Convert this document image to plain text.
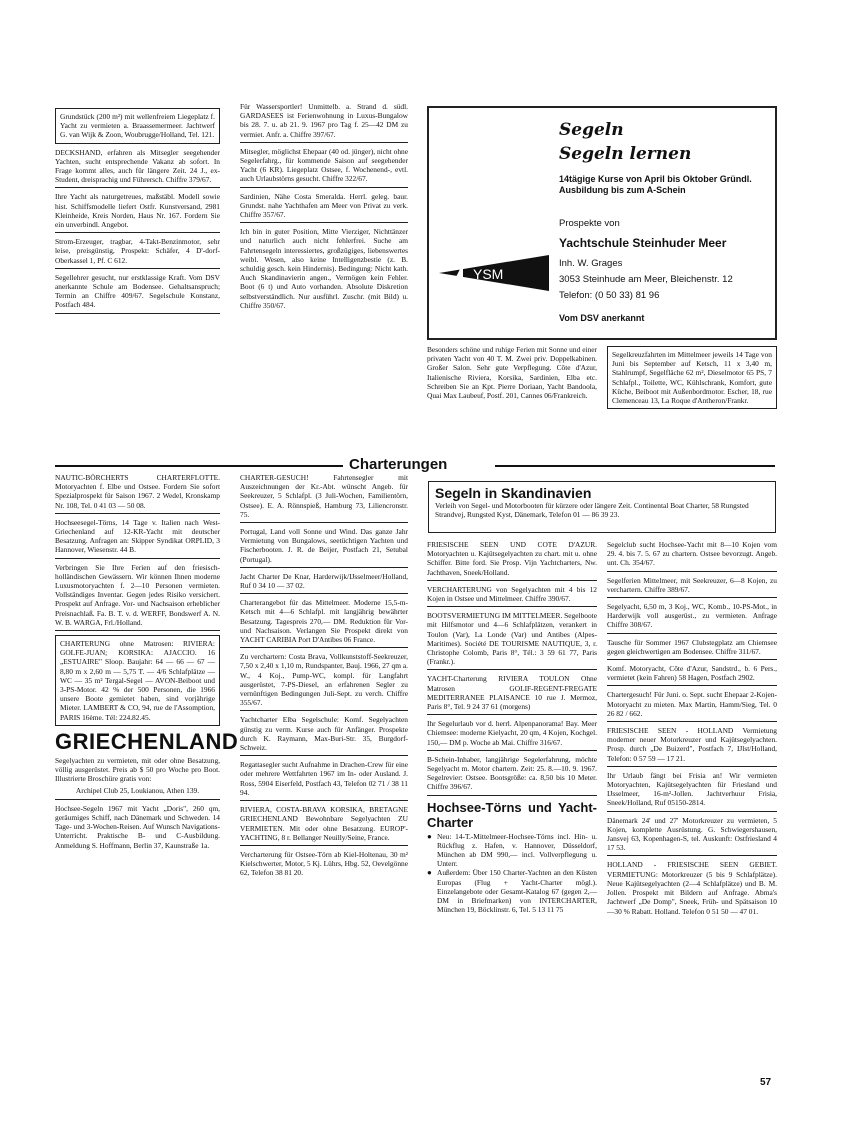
Grundstück (200 m²) mit wellenfreiem Liegeplatz f. Yacht zu vermieten a. Braassemermeer. Jachtwerf G. van Wijk & Zoon, Woubrugge/Holland, Tel. 121.
DECKSHAND, erfahren als Mitsegler seegehender Yachten, sucht entsprechende Vakanz ab sofort. In Frage kommt alles, auch für längere Zeit. 24 J., ex-Student, dreisprachig und Führersch. Chiffre 379/67.
Ihre Yacht als naturgetreues, maßstäbl. Modell sowie hist. Schiffsmodelle liefert Ostfr. Kunstversand, 2981 Kleinheide, Kreis Norden, Haus Nr. 167. Fordern Sie ein unverbindl. Angebot.
Strom-Erzeuger, tragbar, 4-Takt-Benzinmotor, sehr leise, preisgünstig, Prospekt: Schäfer, 4 D'-dorf-Oberkassel 1, Pf. C 612.
Segellehrer gesucht, nur erstklassige Kraft. Vom DSV anerkannte Schule am Bodensee. Gehaltsanspruch; Termin an Chiffre 409/67. Segelschule Konstanz, Postfach 484.
Für Wassersportler! Unmittelb. a. Strand d. südl. GARDASEES ist Ferienwohnung in Luxus-Bungalow bis 28. 7. u. ab 21. 9. 1967 pro Tag f. 25—42 DM zu vermiet. Anfr. a. Chiffre 397/67.
Mitsegler, möglichst Ehepaar (40 od. jünger), nicht ohne Segelerfahrg., für kommende Saison auf seegehender Yacht (6 KR). Liegeplatz Ostsee, f. Wochenend-, evtl. auch Urlaubstörns gesucht. Chiffre 322/67.
Sardinien, Nähe Costa Smeralda. Herrl. geleg. baur. Grundst. nahe Yachthafen am Meer von Privat zu verk. Chiffre 357/67.
Ich bin in guter Position, Mitte Vierziger, Nichttänzer und naturlich auch nicht fehlerfrei. Suche am Fahrtensegeln interessiertes, großzügiges, liebenswertes weibl. Wesen, also keine Intelligenzbestie (z. B. schuldig gesch. kein Hindernis). Bedingung: Nicht kath. Auch Skandinavierin angen., Vermögen kein Fehler. Boot (6 t) und Auto vorhanden. Absolute Diskretion selbstverständlich. Nur ausführl. Zuschr. (mit Bild) u. Chiffre 350/67.
Segeln
Segeln lernen
14tägige Kurse von April bis Oktober Gründl. Ausbildung bis zum A-Schein
Prospekte von
Yachtschule Steinhuder Meer
Inh. W. Grages
3053 Steinhude am Meer, Bleichenstr. 12
Telefon: (0 50 33) 81 96
Vom DSV anerkannt
YSM
Besonders schöne und ruhige Ferien mit Sonne und einer privaten Yacht von 40 T. M. Zwei priv. Doppelkabinen. Großer Salon. Sehr gute Verpflegung. Côte d'Azur, Italienische Riviera, Korsika, Sardinien, Elba etc. Schreiben Sie an Kpt. Pierre Doriaan, Yacht Bandoola, Quai Max Laubeuf, Postf. 201, Cannes 06/Frankreich.
Segelkreuzfahrten im Mittelmeer jeweils 14 Tage von Juni bis September auf Ketsch, 11 x 3,40 m, Stahlrumpf, Segelfläche 62 m², Dieselmotor 65 PS, 7 Schlafpl., Toilette, WC, Kühlschrank, Komfort, gute Küche, Beiboot mit Außenbordmotor. Escher, 18, rue Clemenceau 13, La Roque d'Antheron/Frankr.
Charterungen
Segeln in Skandinavien
Verleih von Segel- und Motorbooten für kürzere oder längere Zeit. Continental Boat Charter, 58 Rungsted Strandvej, Rungsted Kyst, Dänemark, Telefon 01 — 86 39 23.
NAUTIC-BÖRCHERTS CHARTERFLOTTE. Motoryachten f. Elbe und Ostsee. Fordern Sie sofort Spezialprospekt für Saison 1967. 2 Wedel, Kronskamp Nr. 108, Tel. 0 41 03 — 50 08.
Hochseesegel-Törns, 14 Tage v. Italien nach West-Griechenland auf 12-KR-Yacht mit deutscher Besatzung. Anfragen an: Skipper Syndikat ORPLID, 3 Hannover, Wiesenstr. 44 B.
Verbringen Sie Ihre Ferien auf den friesisch-holländischen Gewässern. Wir können Ihnen moderne Luxusmotoryachten f. 2—10 Personen vermieten. Vollständiges Inventar. Gegen jedes Risiko versichert. Prospekt auf Anfrage. Vor- und Nachsaison erheblicher Preisnachlaß. Fa. B. T. v. d. WERFF, Bondswerf A. N. W. B. WARGA, Frl./Holland.
CHARTERUNG ohne Matrosen: RIVIERA: GOLFE-JUAN; KORSIKA: AJACCIO. 16 „ESTUAIRE" Sloop. Baujahr: 64 — 66 — 67 — 8,80 m x 2,60 m — 5,75 T. — 4/6 Schlafplätze — WC — 35 m² Tergal-Segel — AVON-Beiboot und 3-PS-Motor. 42 % der 500 Personen, die 1966 unsere Boote gemietet haben, sind vorjährige Mieter. LAMBERT & CO, 94, rue de l'Assomption, PARIS 16ème. Tél: 224.82.45.
GRIECHENLAND
Segelyachten zu vermieten, mit oder ohne Besatzung, völlig ausgerüstet. Preis ab $ 50 pro Woche pro Boot. Illustrierte Broschüre gratis von:
Archipel Club 25, Loukianou, Athen 139.
Hochsee-Segeln 1967 mit Yacht „Doris", 260 qm, geräumiges Schiff, nach Dänemark und Schweden. 14 Tage- und 3-Wochen-Reisen. Auf Wunsch Navigations-Unterricht. Praktische B- und C-Ausbildung. Anmeldung S. Hoffmann, Berlin 37, Kaunstraße 1a.
CHARTER-GESUCH! Fahrtensegler mit Auszeichnungen der Kr.-Abt. wünscht Angeb. für Seekreuzer, 5 Schlafpl. (3 Juli-Wochen, Familientörn, Ostsee). E. A. Rönnspieß, Hamburg 73, Liliencronstr. 75.
Portugal, Land voll Sonne und Wind. Das ganze Jahr Vermietung von Bungalows, seetüchtigen Yachten und Fischerbooten. J. R. de Beijer, Postfach 21, Setubal (Portugal).
Jacht Charter De Knar, Harderwijk/IJsselmeer/Holland, Ruf 0 34 10 — 37 02.
Charterangebot für das Mittelmeer. Moderne 15,5-m-Ketsch mit 4—6 Schlafpl. mit langjährig bewährter Besatzung. Tagespreis 270,— DM. Reduktion für Vor- und Nachsaison. Verlangen Sie Prospekt direkt von YACHT CARIBIA Port D'Antibes 06 France.
Zu verchartern: Costa Brava, Vollkunststoff-Seekreuzer, 7,50 x 2,40 x 1,10 m, Rundspanter, Bauj. 1966, 27 qm a. W., 4 Koj., Pump-WC, kompl. für Langfahrt ausgerüstet, 7-PS-Diesel, an erfahrenen Segler zu vernünftigen Bedingungen Juli-Sept. zu verch. Chiffre 355/67.
Yachtcharter Elba Segelschule: Komf. Segelyachten günstig zu verm. Kurse auch für Anfänger. Prospekte durch K. Raymann, Max-Buri-Str. 35, Burgdorf-Schweiz.
Regattasegler sucht Aufnahme in Drachen-Crew für eine oder mehrere Wettfahrten 1967 im In- oder Ausland. J. Ross, 5904 Eiserfeld, Postfach 43, Telefon 02 71 / 38 11 94.
RIVIERA, COSTA-BRAVA KORSIKA, BRETAGNE GRIECHENLAND Bewohnbare Segelyachten ZU VERMIETEN. Mit oder ohne Besatzung. EUROP'-YACHTING, 8 r. Bellanger Neuilly/Seine, France.
Vercharterung für Ostsee-Törn ab Kiel-Holtenau, 30 m² Kielschwerter, Motor, 5 Kj. Lührs, Hbg. 52, Oevelgönne 62, Telefon 38 81 20.
FRIESISCHE SEEN UND COTE D'AZUR. Motoryachten u. Kajütsegelyachten zu chart. mit u. ohne Schiffer. Bitte ford. Sie Prosp. Vijn Yachtcharters, Nw. Jachthaven, Sneek/Holland.
VERCHARTERUNG von Segelyachten mit 4 bis 12 Kojen in Ostsee und Mittelmeer. Chiffre 390/67.
BOOTSVERMIETUNG IM MITTELMEER. Segelboote mit Hilfsmotor und 4—6 Schlafplätzen, verankert in Toulon (Var), La Londe (Var) und Antibes (Alpes-Maritimes). Société DE TOURISME NAUTIQUE, 3, r. Christophe Colomb, Paris 8°, Tél.: 3 59 61 77, Paris (Frankr.).
YACHT-Charterung RIVIERA TOULON Ohne Matrosen GOLIF-REGENT-FREGATE MEDITERRANEE PLAISANCE 10 rue J. Mermoz, Paris 8°, Tel. 9 24 37 61 (morgens)
Ihr Segelurlaub vor d. herrl. Alpenpanorama! Bay. Meer Chiemsee: moderne Kielyacht, 20 qm, 4 Kojen, Kochgel. 150,— DM p. Woche ab Mai. Chiffre 316/67.
B-Schein-Inhaber, langjährige Segelerfahrung, möchte Segelyacht m. Motor chartern. Zeit: 25. 8.—10. 9. 1967. Segelrevier: Ostsee. Bootsgröße: ca. 8,50 bis 10 Meter. Chiffre 396/67.
Hochsee-Törns und Yacht-Charter
● Neu: 14-T.-Mittelmeer-Hochsee-Törns incl. Hin- u. Rückflug z. Hafen, v. Hannover, Düsseldorf, München ab DM 990,— incl. Vollverpflegung u. Unterr.
● Außerdem: Über 150 Charter-Yachten an den Küsten Europas (Flug + Yacht-Charter mögl.). Einzelangebote oder Gesamt-Katalog 67 (gegen 2,— DM in Briefmarken) von INTERCHARTER, München 19, Böcklinstr. 6, Tel. 5 13 11 75
Segelclub sucht Hochsee-Yacht mit 8—10 Kojen vom 29. 4. bis 7. 5. 67 zu chartern. Ostsee bevorzugt. Angeb. unt. Ch. 354/67.
Segelferien Mittelmeer, mit Seekreuzer, 6—8 Kojen, zu verchartern. Chiffre 389/67.
Segelyacht, 6,50 m, 3 Koj., WC, Komb., 10-PS-Mot., in Harderwijk voll ausgerüst., zu vermieten. Anfrage Chiffre 308/67.
Tausche für Sommer 1967 Clubstegplatz am Chiemsee gegen gleichwertigen am Bodensee. Chiffre 311/67.
Komf. Motoryacht, Côte d'Azur, Sandstrd., b. 6 Pers., vermietet (kein Fahren) 58 Hagen, Postfach 2902.
Chartergesuch! Für Juni. o. Sept. sucht Ehepaar 2-Kojen-Motoryacht zu mieten. Max Martin, Hamm/Sieg, Tel. 0 26 82 / 662.
FRIESISCHE SEEN - HOLLAND Vermietung moderner neuer Motorkreuzer und Kajütsegelyachten. Prosp. durch „De Buizerd", Postfach 7, IJlst/Holland, Telefon: 0 57 59 — 17 21.
Ihr Urlaub fängt bei Frisia an! Wir vermieten Motoryachten, Kajütsegelyachten für Friesland und IJsselmeer, 16-m²-Jollen. Jachtverhuur Frisia, Sneek/Holland, Ruf 05150-2814.
Dänemark 24' und 27' Motorkreuzer zu vermieten, 5 Kojen, komplette Ausrüstung. G. Schwiegershausen, Jansvej 63, Kopenhagen-S, tel. Auskunft: Ostfriesland 4 17 53.
HOLLAND - FRIESISCHE SEEN GEBIET. VERMIETUNG: Motorkreuzer (5 bis 9 Schlafplätze). Neue Kajütsegelyachten (2—4 Schlafplätze) und B. M. Jollen. Prospekt mit Bildern auf Anfrage. Abma's Jachtwerf „De Domp", Sneek, Früh- und Spätsaison 10—30 % Rabatt. Holland. Telefon 0 51 50 — 47 01.
57
